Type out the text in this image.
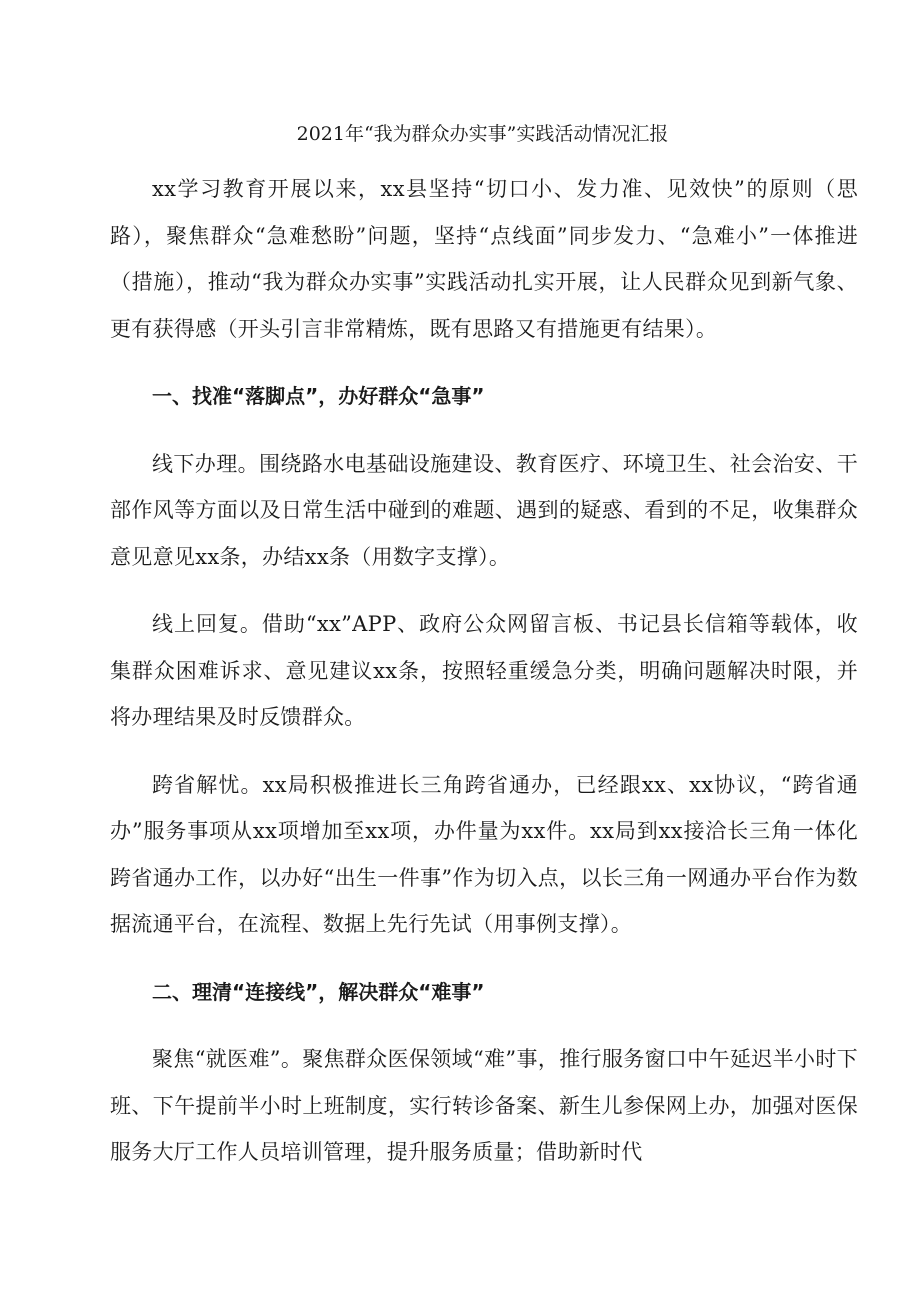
2021年“我为群众办实事”实践活动情况汇报

xx学习教育开展以来，xx县坚持“切口小、发力准、见效快”的原则（思路），聚焦群众“急难愁盼”问题，坚持“点线面”同步发力、“急难小”一体推进（措施），推动“我为群众办实事”实践活动扎实开展，让人民群众见到新气象、更有获得感（开头引言非常精炼，既有思路又有措施更有结果）。

一、找准“落脚点”，办好群众“急事”

线下办理。围绕路水电基础设施建设、教育医疗、环境卫生、社会治安、干部作风等方面以及日常生活中碰到的难题、遇到的疑惑、看到的不足，收集群众意见意见xx条，办结xx条（用数字支撑）。

线上回复。借助“xx”APP、政府公众网留言板、书记县长信箱等载体，收集群众困难诉求、意见建议xx条，按照轻重缓急分类，明确问题解决时限，并将办理结果及时反馈群众。

跨省解忧。xx局积极推进长三角跨省通办，已经跟xx、xx协议，“跨省通办”服务事项从xx项增加至xx项，办件量为xx件。xx局到xx接洽长三角一体化跨省通办工作，以办好“出生一件事”作为切入点，以长三角一网通办平台作为数据流通平台，在流程、数据上先行先试（用事例支撑）。

二、理清“连接线”，解决群众“难事”

聚焦“就医难”。聚焦群众医保领域“难”事，推行服务窗口中午延迟半小时下班、下午提前半小时上班制度，实行转诊备案、新生儿参保网上办，加强对医保服务大厅工作人员培训管理，提升服务质量；借助新时代
